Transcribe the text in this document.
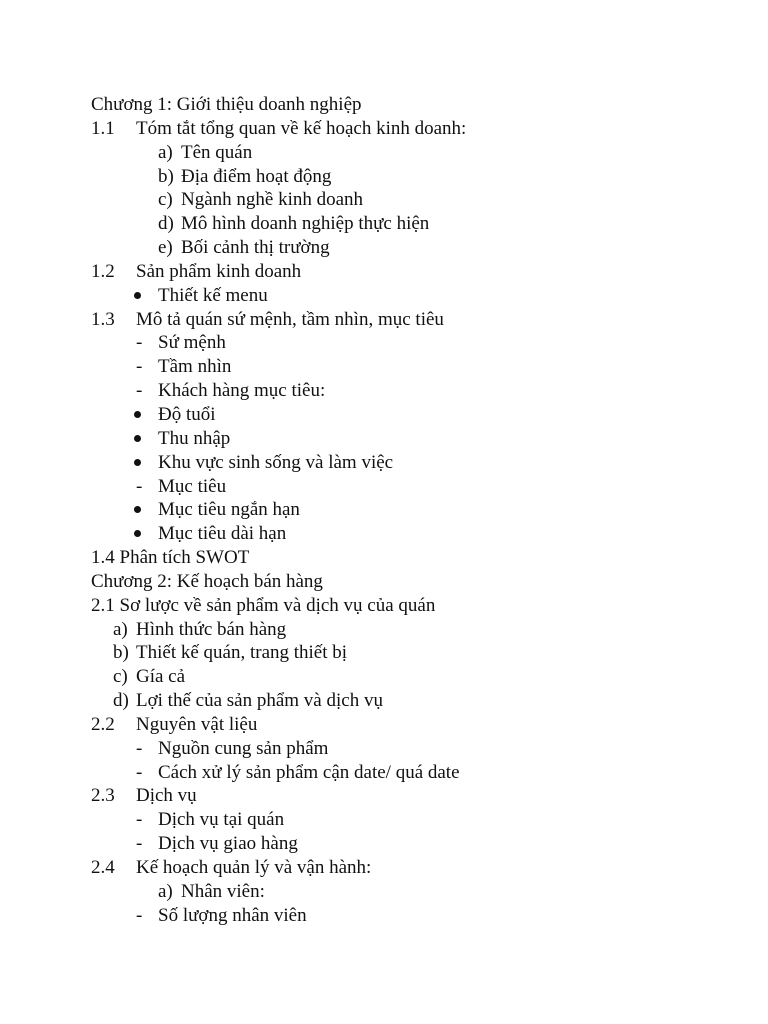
Chương 1: Giới thiệu doanh nghiệp
1.1 Tóm tắt tổng quan về kế hoạch kinh doanh:
a) Tên quán
b) Địa điểm hoạt động
c) Ngành nghề kinh doanh
d) Mô hình doanh nghiệp thực hiện
e) Bối cảnh thị trường
1.2 Sản phẩm kinh doanh
Thiết kế menu
1.3 Mô tả quán sứ mệnh, tầm nhìn, mục tiêu
- Sứ mệnh
- Tầm nhìn
- Khách hàng mục tiêu:
Độ tuổi
Thu nhập
Khu vực sinh sống và làm việc
- Mục tiêu
Mục tiêu ngắn hạn
Mục tiêu dài hạn
1.4 Phân tích SWOT
Chương 2: Kế hoạch bán hàng
2.1 Sơ lược về sản phẩm và dịch vụ của quán
a) Hình thức bán hàng
b) Thiết kế quán, trang thiết bị
c) Gía cả
d) Lợi thế của sản phẩm và dịch vụ
2.2 Nguyên vật liệu
- Nguồn cung sản phẩm
- Cách xử lý sản phẩm cận date/ quá date
2.3 Dịch vụ
- Dịch vụ tại quán
- Dịch vụ giao hàng
2.4 Kế hoạch quản lý và vận hành:
a) Nhân viên:
- Số lượng nhân viên
